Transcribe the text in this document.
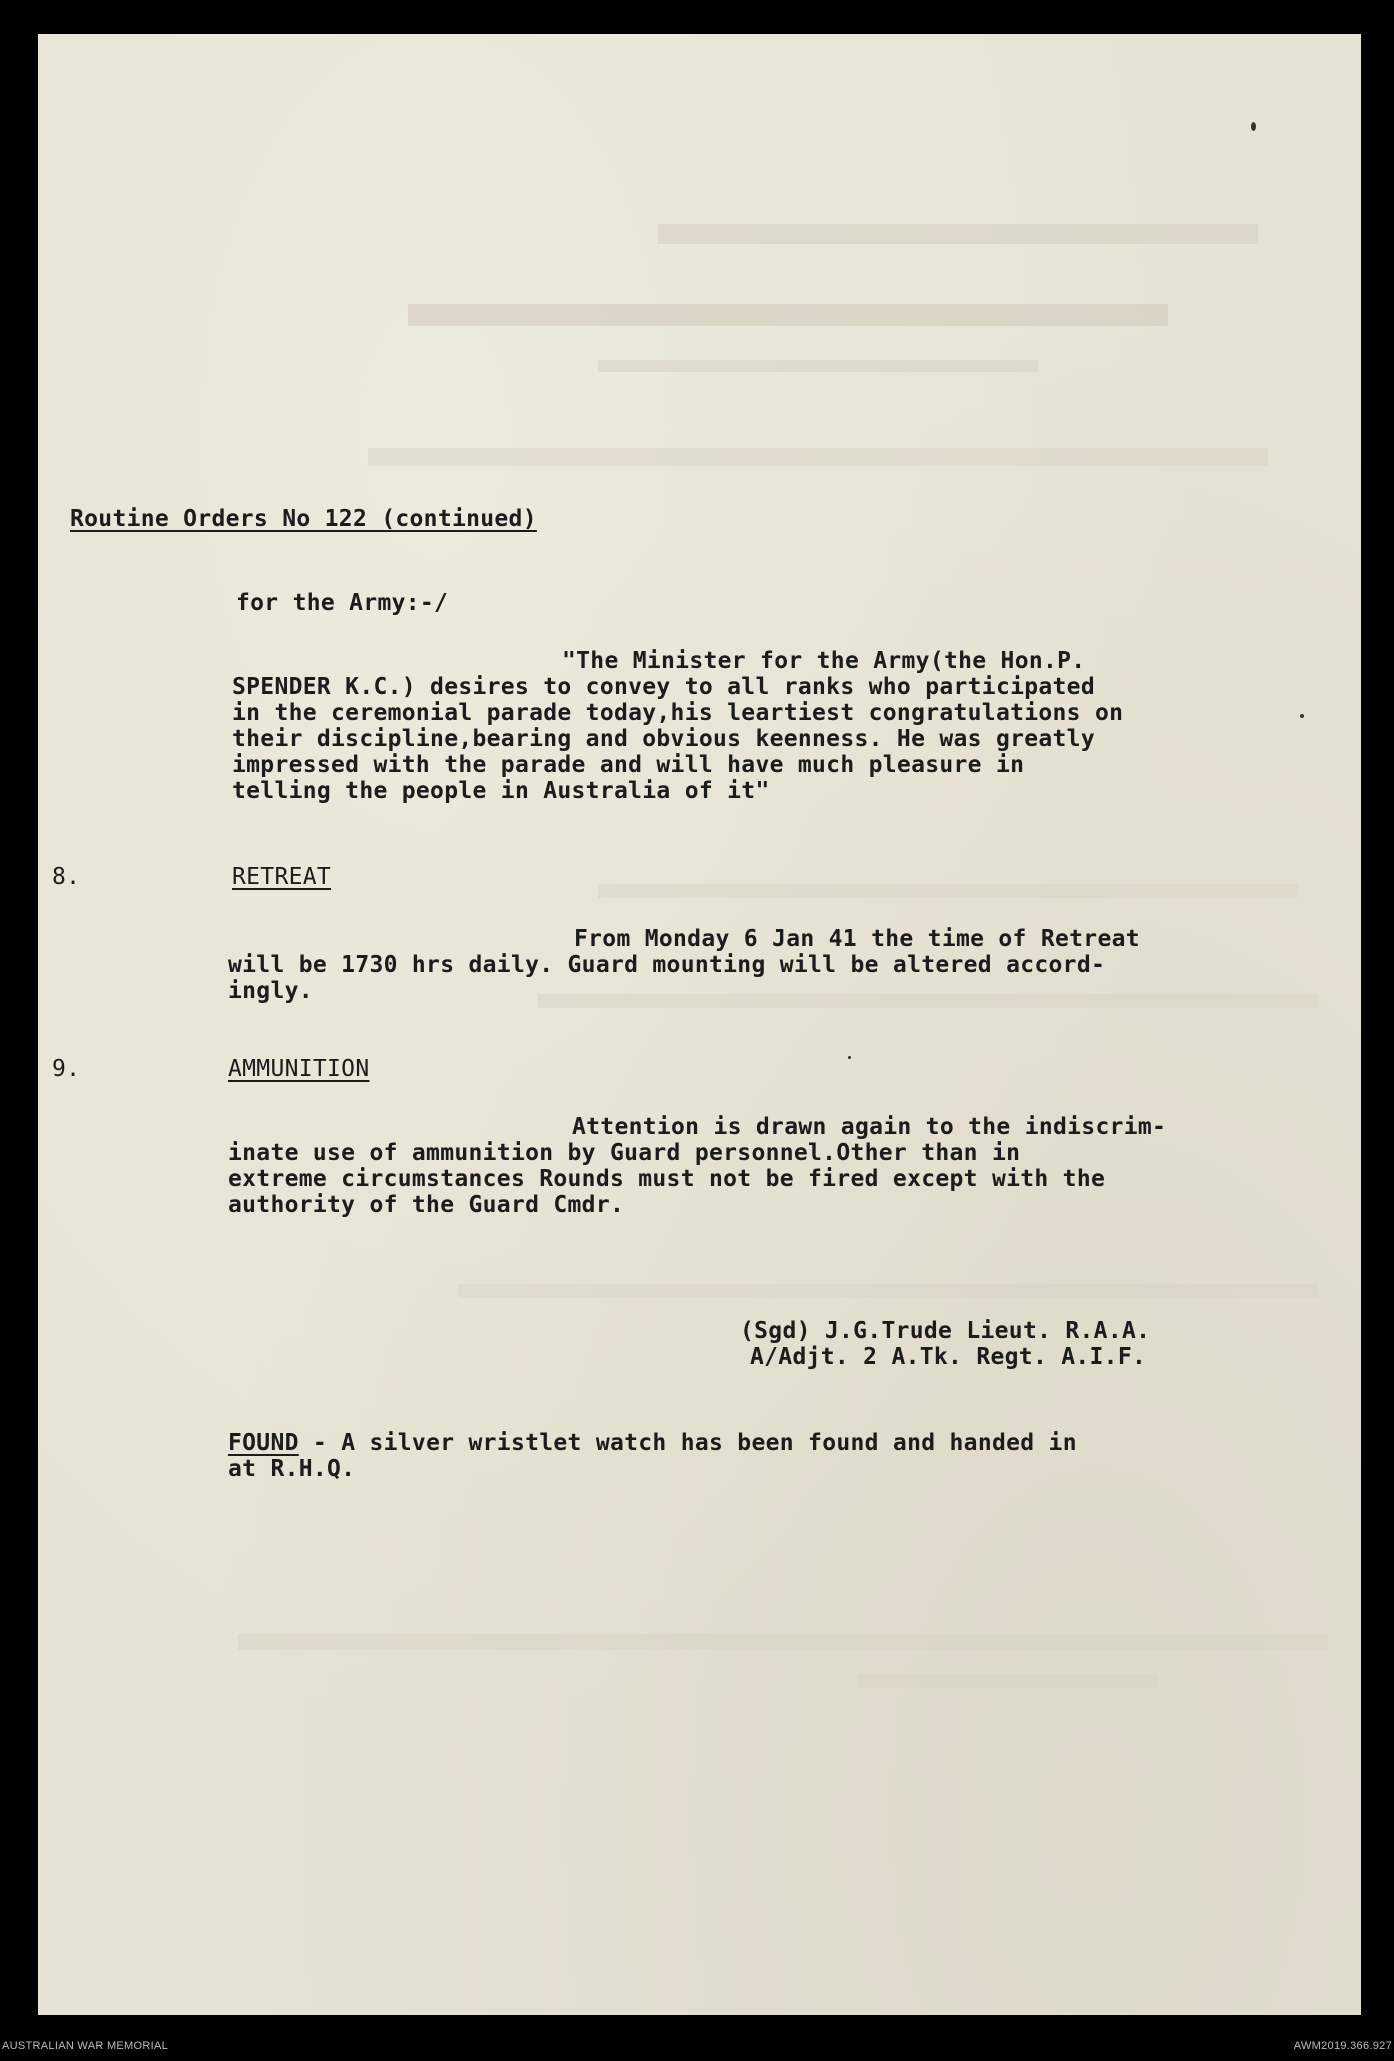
Routine Orders No 122 (continued)
for the Army:-/
"The Minister for the Army(the Hon.P.
SPENDER K.C.) desires to convey to all ranks who participated
in the ceremonial parade today,his leartiest congratulations on
their discipline,bearing and obvious keenness. He was greatly
impressed with the parade and will have much pleasure in
telling the people in Australia of it"
8.	RETREAT
From Monday 6 Jan 41 the time of Retreat
will be 1730 hrs daily. Guard mounting will be altered accord-
ingly.
9.	AMMUNITION
Attention is drawn again to the indiscrim-
inate use of ammunition by Guard personnel.Other than in
extreme circumstances Rounds must not be fired except with the
authority of the Guard Cmdr.
(Sgd) J.G.Trude Lieut. R.A.A.
A/Adjt. 2 A.Tk. Regt. A.I.F.
FOUND - A silver wristlet watch has been found and handed in
at R.H.Q.
AUSTRALIAN WAR MEMORIAL	AWM2019.366.927
